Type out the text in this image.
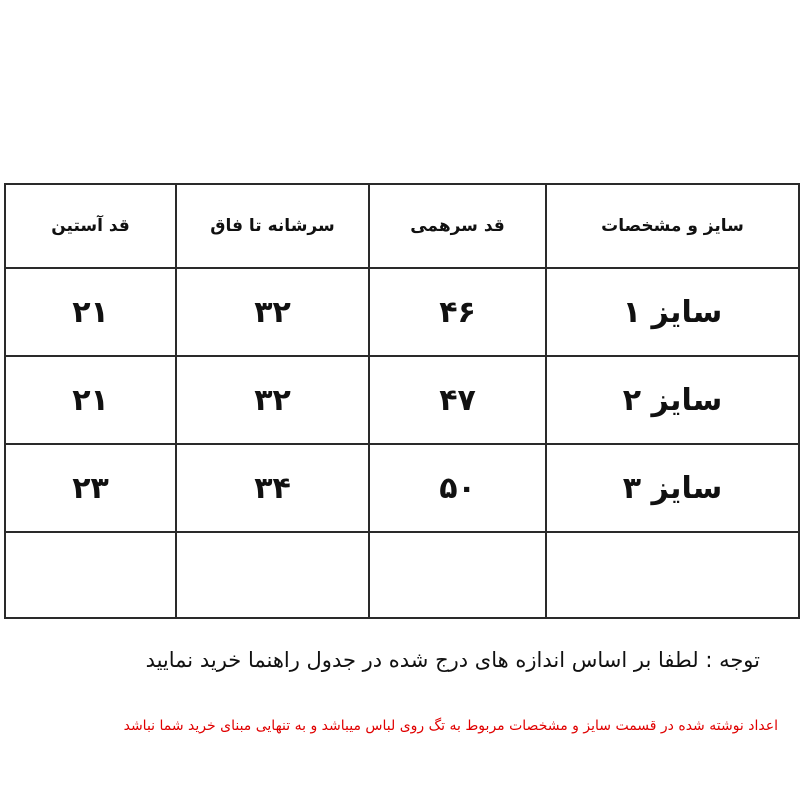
قد آستین	سرشانه تا فاق	قد سرهمی	سایز و مشخصات
۲۱	۳۲	۴۶	سایز ۱
۲۱	۳۲	۴۷	سایز ۲
۲۳	۳۴	۵۰	سایز ۳

توجه : لطفا بر اساس اندازه های درج شده در جدول راهنما خرید نمایید
اعداد نوشته شده در قسمت سایز و مشخصات مربوط به تگ روی لباس میباشد و به تنهایی مبنای خرید شما نباشد
